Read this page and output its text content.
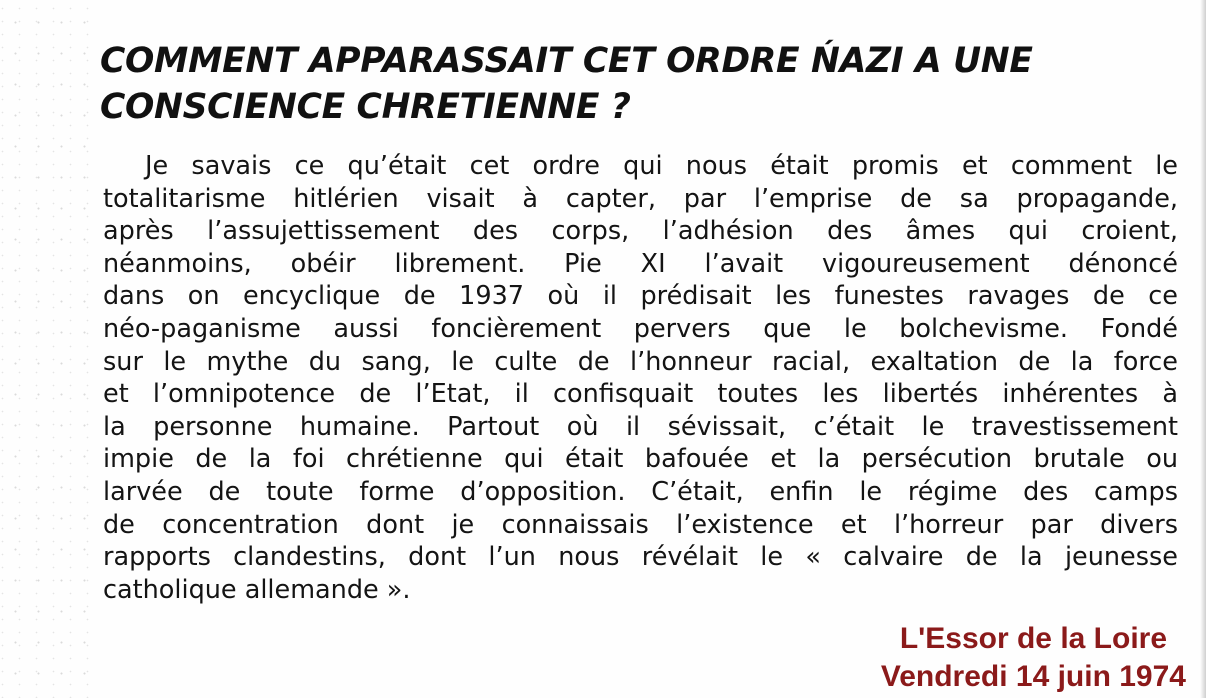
COMMENT APPARASSAIT CET ORDRE ŃAZI A UNE
CONSCIENCE CHRETIENNE ?
Je savais ce qu’était cet ordre qui nous était promis et comment le
totalitarisme hitlérien visait à capter, par l’emprise de sa propagande,
après l’assujettissement des corps, l’adhésion des âmes qui croient,
néanmoins, obéir librement. Pie XI l’avait vigoureusement dénoncé
dans on encyclique de 1937 où il prédisait les funestes ravages de ce
néo-paganisme aussi foncièrement pervers que le bolchevisme. Fondé
sur le mythe du sang, le culte de l’honneur racial, exaltation de la force
et l’omnipotence de l’Etat, il confisquait toutes les libertés inhérentes à
la personne humaine. Partout où il sévissait, c’était le travestissement
impie de la foi chrétienne qui était bafouée et la persécution brutale ou
larvée de toute forme d’opposition. C’était, enfin le régime des camps
de concentration dont je connaissais l’existence et l’horreur par divers
rapports clandestins, dont l’un nous révélait le « calvaire de la jeunesse
catholique allemande ».
L'Essor de la Loire
Vendredi 14 juin 1974
